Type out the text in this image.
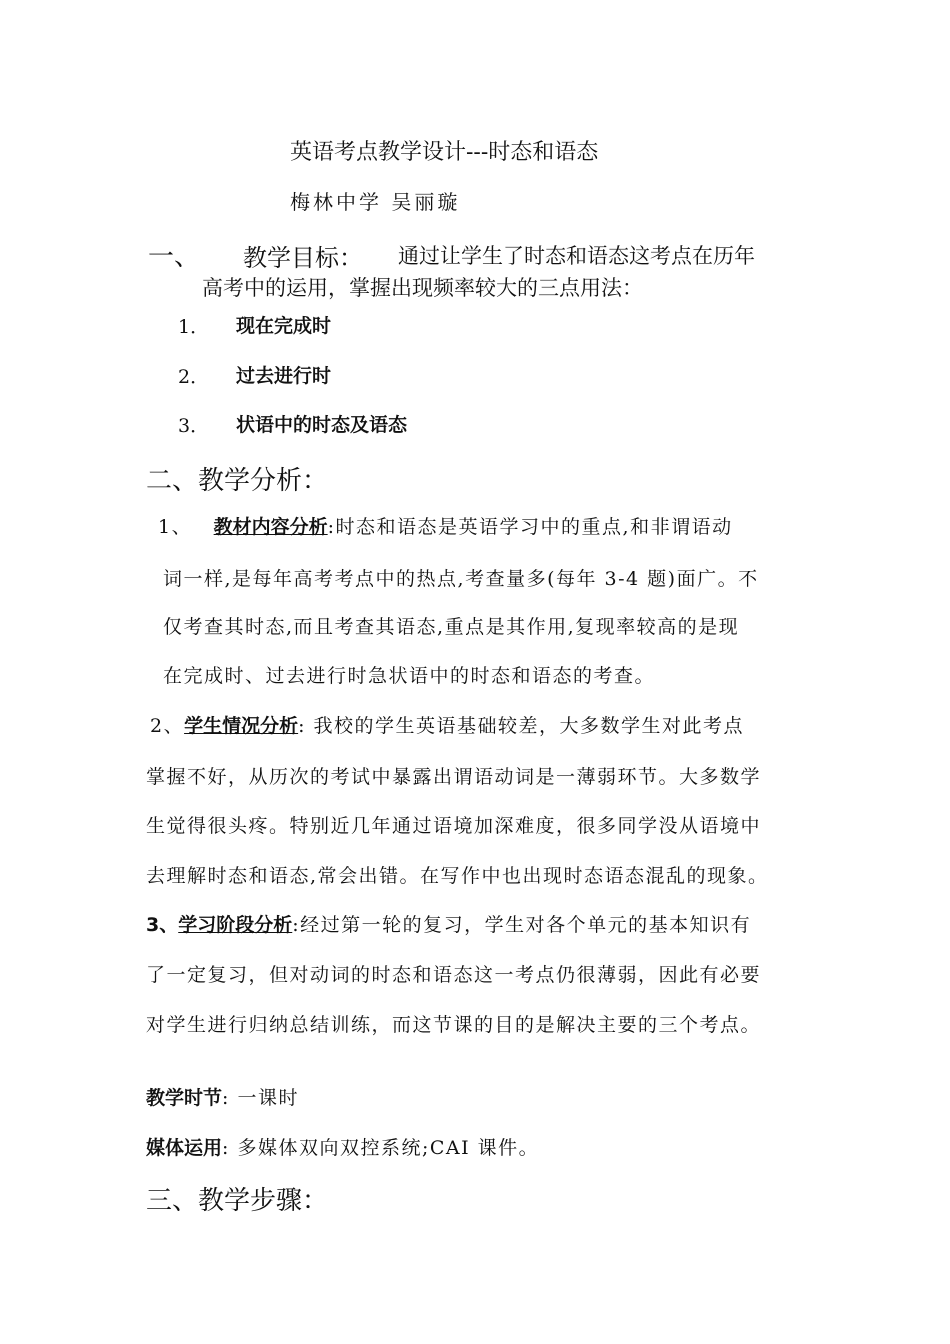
英语考点教学设计---时态和语态
梅林中学 吴丽璇
一、 教学目标： 通过让学生了时态和语态这考点在历年
高考中的运用，掌握出现频率较大的三点用法：
1． 现在完成时
2． 过去进行时
3． 状语中的时态及语态
二、教学分析：
1、 教材内容分析:时态和语态是英语学习中的重点,和非谓语动
词一样,是每年高考考点中的热点,考查量多(每年 3-4 题)面广。不
仅考查其时态,而且考查其语态,重点是其作用,复现率较高的是现
在完成时、过去进行时急状语中的时态和语态的考查。
2、学生情况分析: 我校的学生英语基础较差，大多数学生对此考点
掌握不好，从历次的考试中暴露出谓语动词是一薄弱环节。大多数学
生觉得很头疼。特别近几年通过语境加深难度，很多同学没从语境中
去理解时态和语态,常会出错。在写作中也出现时态语态混乱的现象。
3、学习阶段分析:经过第一轮的复习，学生对各个单元的基本知识有
了一定复习，但对动词的时态和语态这一考点仍很薄弱，因此有必要
对学生进行归纳总结训练，而这节课的目的是解决主要的三个考点。
教学时节: 一课时
媒体运用: 多媒体双向双控系统;CAI 课件。
三、教学步骤：
